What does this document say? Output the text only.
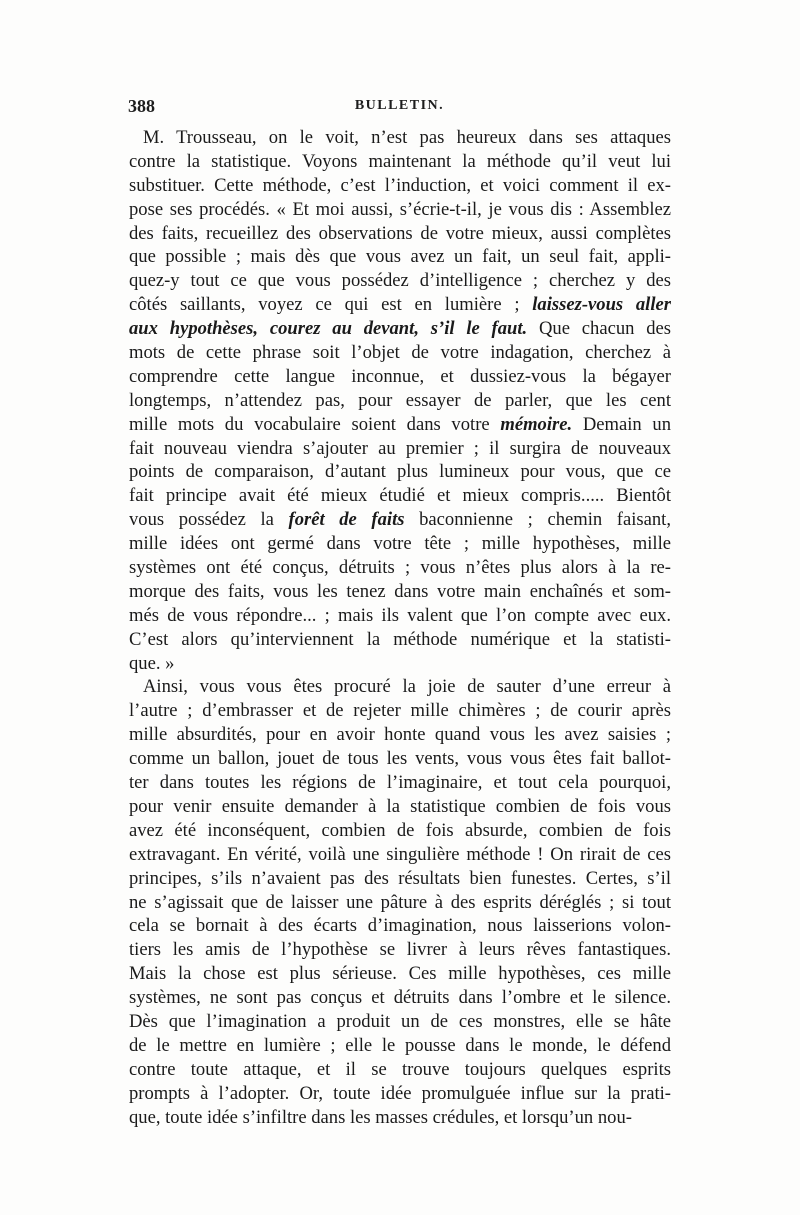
388	BULLETIN.
M. Trousseau, on le voit, n’est pas heureux dans ses attaques
contre la statistique. Voyons maintenant la méthode qu’il veut lui
substituer. Cette méthode, c’est l’induction, et voici comment il ex-
pose ses procédés. « Et moi aussi, s’écrie-t-il, je vous dis : Assemblez
des faits, recueillez des observations de votre mieux, aussi complètes
que possible ; mais dès que vous avez un fait, un seul fait, appli-
quez-y tout ce que vous possédez d’intelligence ; cherchez y des
côtés saillants, voyez ce qui est en lumière ; laissez-vous aller
aux hypothèses, courez au devant, s’il le faut. Que chacun des
mots de cette phrase soit l’objet de votre indagation, cherchez à
comprendre cette langue inconnue, et dussiez-vous la bégayer
longtemps, n’attendez pas, pour essayer de parler, que les cent
mille mots du vocabulaire soient dans votre mémoire. Demain un
fait nouveau viendra s’ajouter au premier ; il surgira de nouveaux
points de comparaison, d’autant plus lumineux pour vous, que ce
fait principe avait été mieux étudié et mieux compris..... Bientôt
vous possédez la forêt de faits baconnienne ; chemin faisant,
mille idées ont germé dans votre tête ; mille hypothèses, mille
systèmes ont été conçus, détruits ; vous n’êtes plus alors à la re-
morque des faits, vous les tenez dans votre main enchaînés et som-
més de vous répondre... ; mais ils valent que l’on compte avec eux.
C’est alors qu’interviennent la méthode numérique et la statisti-
que. »
Ainsi, vous vous êtes procuré la joie de sauter d’une erreur à
l’autre ; d’embrasser et de rejeter mille chimères ; de courir après
mille absurdités, pour en avoir honte quand vous les avez saisies ;
comme un ballon, jouet de tous les vents, vous vous êtes fait ballot-
ter dans toutes les régions de l’imaginaire, et tout cela pourquoi,
pour venir ensuite demander à la statistique combien de fois vous
avez été inconséquent, combien de fois absurde, combien de fois
extravagant. En vérité, voilà une singulière méthode ! On rirait de ces
principes, s’ils n’avaient pas des résultats bien funestes. Certes, s’il
ne s’agissait que de laisser une pâture à des esprits déréglés ; si tout
cela se bornait à des écarts d’imagination, nous laisserions volon-
tiers les amis de l’hypothèse se livrer à leurs rêves fantastiques.
Mais la chose est plus sérieuse. Ces mille hypothèses, ces mille
systèmes, ne sont pas conçus et détruits dans l’ombre et le silence.
Dès que l’imagination a produit un de ces monstres, elle se hâte
de le mettre en lumière ; elle le pousse dans le monde, le défend
contre toute attaque, et il se trouve toujours quelques esprits
prompts à l’adopter. Or, toute idée promulguée influe sur la prati-
que, toute idée s’infiltre dans les masses crédules, et lorsqu’un nou-
